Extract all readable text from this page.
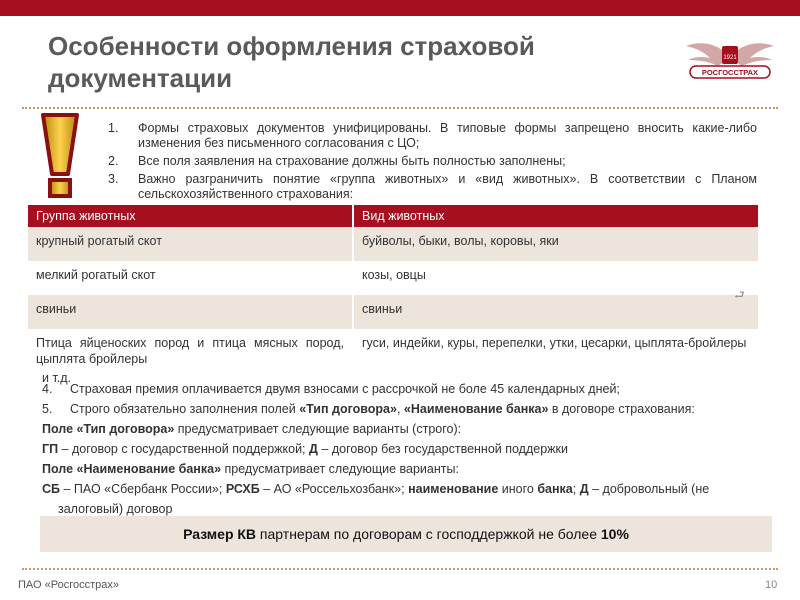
Особенности оформления страховой
документации
1921
РОСГОССТРАХ
1. Формы страховых документов унифицированы. В типовые формы запрещено вносить какие-либо изменения без письменного согласования с ЦО;
2. Все поля заявления на страхование должны быть полностью заполнены;
3. Важно разграничить понятие «группа животных» и «вид животных». В соответствии с Планом сельскохозяйственного страхования:
Группа животных	Вид животных
крупный рогатый скот	буйволы, быки, волы, коровы, яки
мелкий рогатый скот	козы, овцы
свиньи	свиньи

Птица яйценоских пород и птица мясных пород, цыплята бройлеры	гуси, индейки, куры, перепелки, утки, цесарки, цыплята-бройлеры
⮐
и т.д.
4. Страховая премия оплачивается двумя взносами с рассрочкой не боле 45 календарных дней;
5. Строго обязательно заполнения полей «Тип договора», «Наименование банка» в договоре страхования:
Поле «Тип договора» предусматривает следующие варианты (строго):
ГП – договор с государственной поддержкой; Д – договор без государственной поддержки
Поле «Наименование банка» предусматривает следующие варианты:
СБ – ПАО «Сбербанк России»; РСХБ – АО «Россельхозбанк»; наименование иного банка; Д – добровольный (не
залоговый) договор
Размер КВ партнерам по договорам с господдержкой не более 10%
ПАО «Росгосстрах»	10
